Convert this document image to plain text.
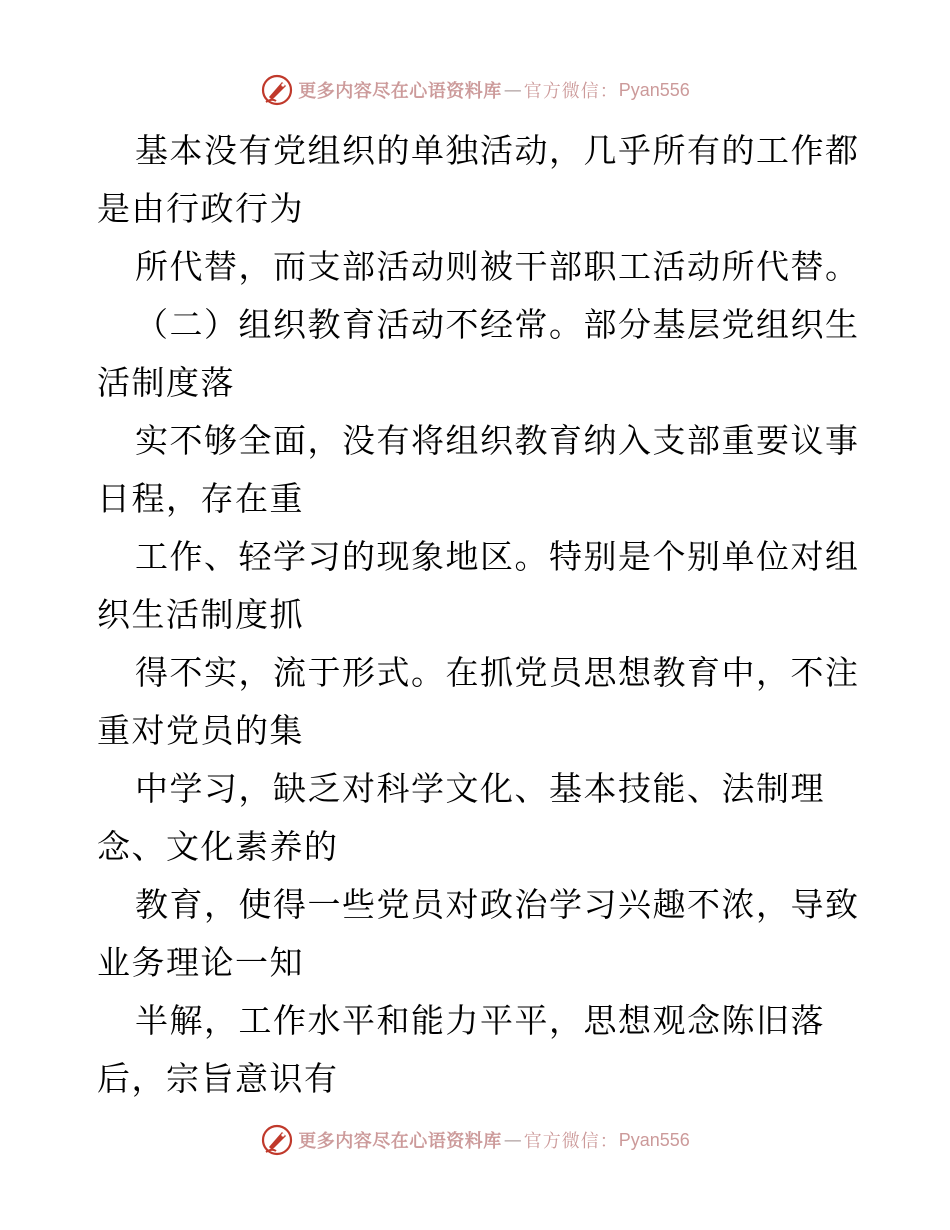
更多内容尽在心语资料库 — 官方微信： Pyan556
基本没有党组织的单独活动，几乎所有的工作都
是由行政行为
所代替，而支部活动则被干部职工活动所代替。
（二）组织教育活动不经常。部分基层党组织生
活制度落
实不够全面，没有将组织教育纳入支部重要议事
日程，存在重
工作、轻学习的现象地区。特别是个别单位对组
织生活制度抓
得不实，流于形式。在抓党员思想教育中，不注
重对党员的集
中学习，缺乏对科学文化、基本技能、法制理
念、文化素养的
教育，使得一些党员对政治学习兴趣不浓，导致
业务理论一知
半解，工作水平和能力平平，思想观念陈旧落
后，宗旨意识有
更多内容尽在心语资料库 — 官方微信： Pyan556
